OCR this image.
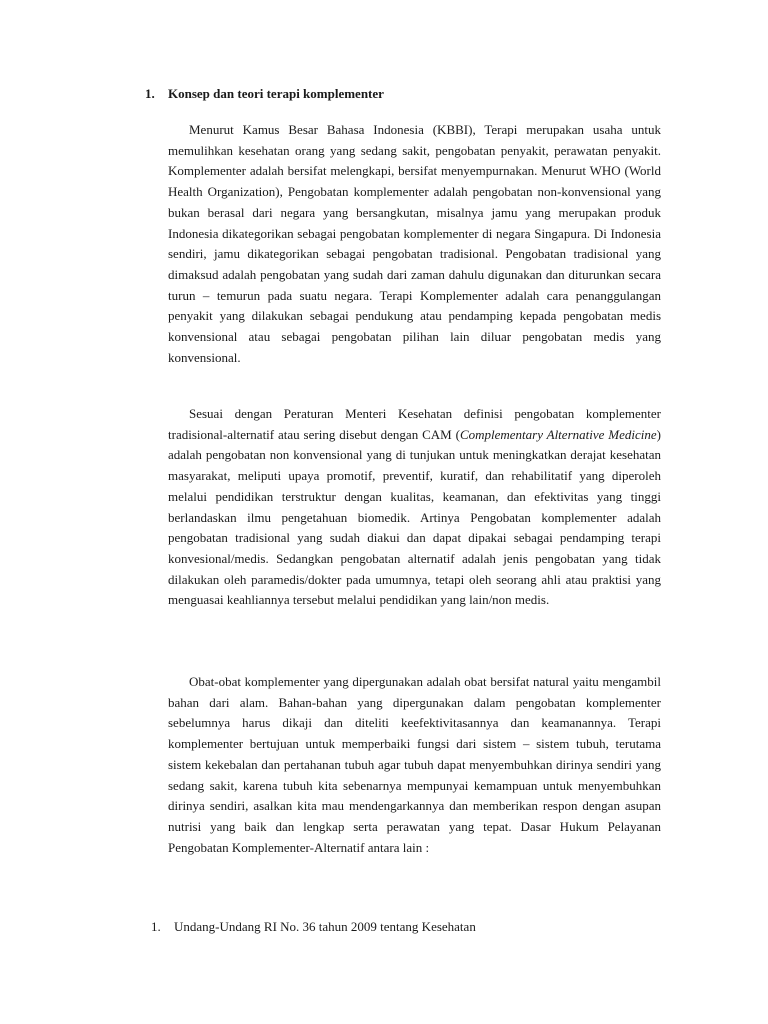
1. Konsep dan teori terapi komplementer

Menurut Kamus Besar Bahasa Indonesia (KBBI), Terapi merupakan usaha untuk memulihkan kesehatan orang yang sedang sakit, pengobatan penyakit, perawatan penyakit. Komplementer adalah bersifat melengkapi, bersifat menyempurnakan. Menurut WHO (World Health Organization), Pengobatan komplementer adalah pengobatan non-konvensional yang bukan berasal dari negara yang bersangkutan, misalnya jamu yang merupakan produk Indonesia dikategorikan sebagai pengobatan komplementer di negara Singapura. Di Indonesia sendiri, jamu dikategorikan sebagai pengobatan tradisional. Pengobatan tradisional yang dimaksud adalah pengobatan yang sudah dari zaman dahulu digunakan dan diturunkan secara turun – temurun pada suatu negara. Terapi Komplementer adalah cara penanggulangan penyakit yang dilakukan sebagai pendukung atau pendamping kepada pengobatan medis konvensional atau sebagai pengobatan pilihan lain diluar pengobatan medis yang konvensional.

Sesuai dengan Peraturan Menteri Kesehatan definisi pengobatan komplementer tradisional-alternatif atau sering disebut dengan CAM (Complementary Alternative Medicine) adalah pengobatan non konvensional yang di tunjukan untuk meningkatkan derajat kesehatan masyarakat, meliputi upaya promotif, preventif, kuratif, dan rehabilitatif yang diperoleh melalui pendidikan terstruktur dengan kualitas, keamanan, dan efektivitas yang tinggi berlandaskan ilmu pengetahuan biomedik. Artinya Pengobatan komplementer adalah pengobatan tradisional yang sudah diakui dan dapat dipakai sebagai pendamping terapi konvesional/medis. Sedangkan pengobatan alternatif adalah jenis pengobatan yang tidak dilakukan oleh paramedis/dokter pada umumnya, tetapi oleh seorang ahli atau praktisi yang menguasai keahliannya tersebut melalui pendidikan yang lain/non medis.

Obat-obat komplementer yang dipergunakan adalah obat bersifat natural yaitu mengambil bahan dari alam. Bahan-bahan yang dipergunakan dalam pengobatan komplementer sebelumnya harus dikaji dan diteliti keefektivitasannya dan keamanannya. Terapi komplementer bertujuan untuk memperbaiki fungsi dari sistem – sistem tubuh, terutama sistem kekebalan dan pertahanan tubuh agar tubuh dapat menyembuhkan dirinya sendiri yang sedang sakit, karena tubuh kita sebenarnya mempunyai kemampuan untuk menyembuhkan dirinya sendiri, asalkan kita mau mendengarkannya dan memberikan respon dengan asupan nutrisi yang baik dan lengkap serta perawatan yang tepat. Dasar Hukum Pelayanan Pengobatan Komplementer-Alternatif antara lain :

1. Undang-Undang RI No. 36 tahun 2009 tentang Kesehatan
